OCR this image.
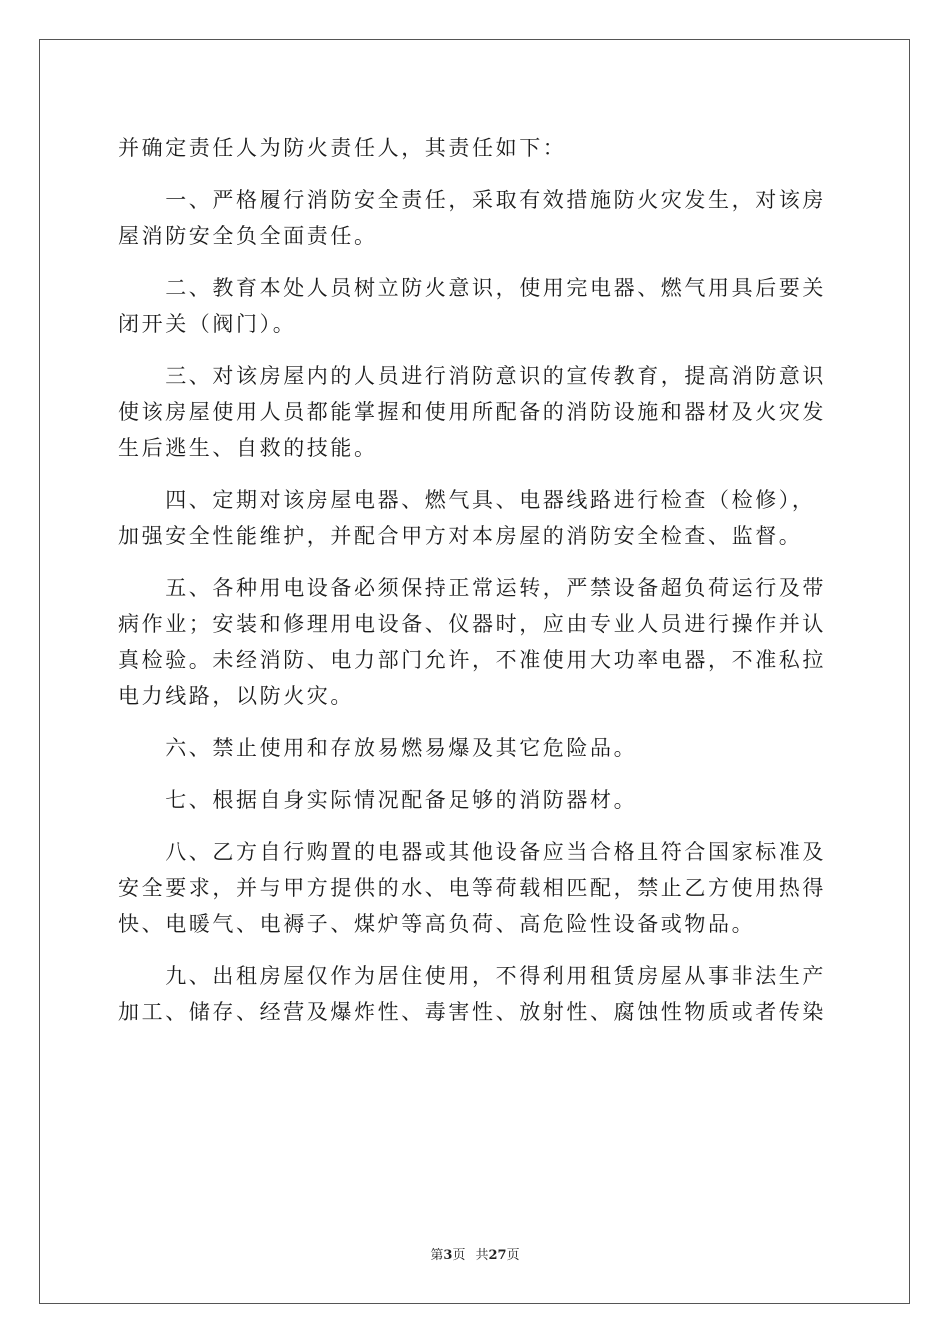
并确定责任人为防火责任人，其责任如下：
　　一、严格履行消防安全责任，采取有效措施防火灾发生，对该房
屋消防安全负全面责任。
　　二、教育本处人员树立防火意识，使用完电器、燃气用具后要关
闭开关（阀门）。
　　三、对该房屋内的人员进行消防意识的宣传教育，提高消防意识
使该房屋使用人员都能掌握和使用所配备的消防设施和器材及火灾发
生后逃生、自救的技能。
　　四、定期对该房屋电器、燃气具、电器线路进行检查（检修），
加强安全性能维护，并配合甲方对本房屋的消防安全检查、监督。
　　五、各种用电设备必须保持正常运转，严禁设备超负荷运行及带
病作业；安装和修理用电设备、仪器时，应由专业人员进行操作并认
真检验。未经消防、电力部门允许，不准使用大功率电器，不准私拉
电力线路，以防火灾。
　　六、禁止使用和存放易燃易爆及其它危险品。
　　七、根据自身实际情况配备足够的消防器材。
　　八、乙方自行购置的电器或其他设备应当合格且符合国家标准及
安全要求，并与甲方提供的水、电等荷载相匹配，禁止乙方使用热得
快、电暖气、电褥子、煤炉等高负荷、高危险性设备或物品。
　　九、出租房屋仅作为居住使用，不得利用租赁房屋从事非法生产
加工、储存、经营及爆炸性、毒害性、放射性、腐蚀性物质或者传染
第3页 共27页
